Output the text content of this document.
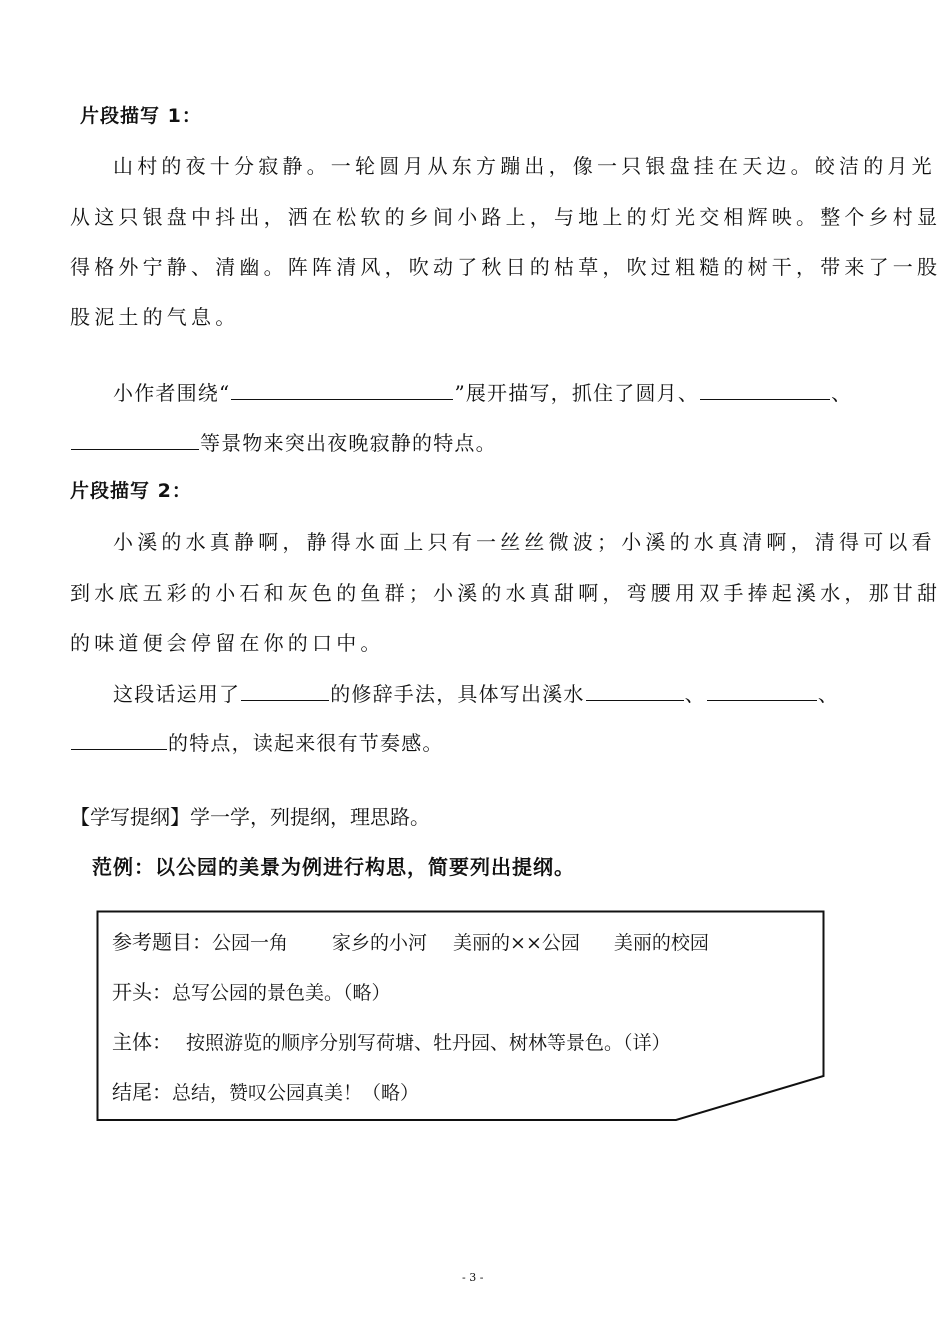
片段描写 1：
山村的夜十分寂静。一轮圆月从东方蹦出，像一只银盘挂在天边。皎洁的月光
从这只银盘中抖出，洒在松软的乡间小路上，与地上的灯光交相辉映。整个乡村显
得格外宁静、清幽。阵阵清风，吹动了秋日的枯草，吹过粗糙的树干，带来了一股
股泥土的气息。
小作者围绕“	”展开描写，抓住了圆月、	、
等景物来突出夜晚寂静的特点。
片段描写 2：
小溪的水真静啊，静得水面上只有一丝丝微波；小溪的水真清啊，清得可以看
到水底五彩的小石和灰色的鱼群；小溪的水真甜啊，弯腰用双手捧起溪水，那甘甜
的味道便会停留在你的口中。
这段话运用了	的修辞手法，具体写出溪水	、	、
的特点，读起来很有节奏感。
【学写提纲】学一学，列提纲，理思路。
范例：以公园的美景为例进行构思，简要列出提纲。
参考题目：公园一角 家乡的小河 美丽的××公园 美丽的校园
开头：总写公园的景色美。（略）
主体： 按照游览的顺序分别写荷塘、牡丹园、树林等景色。（详）
结尾：总结，赞叹公园真美！（略）
- 3 -
